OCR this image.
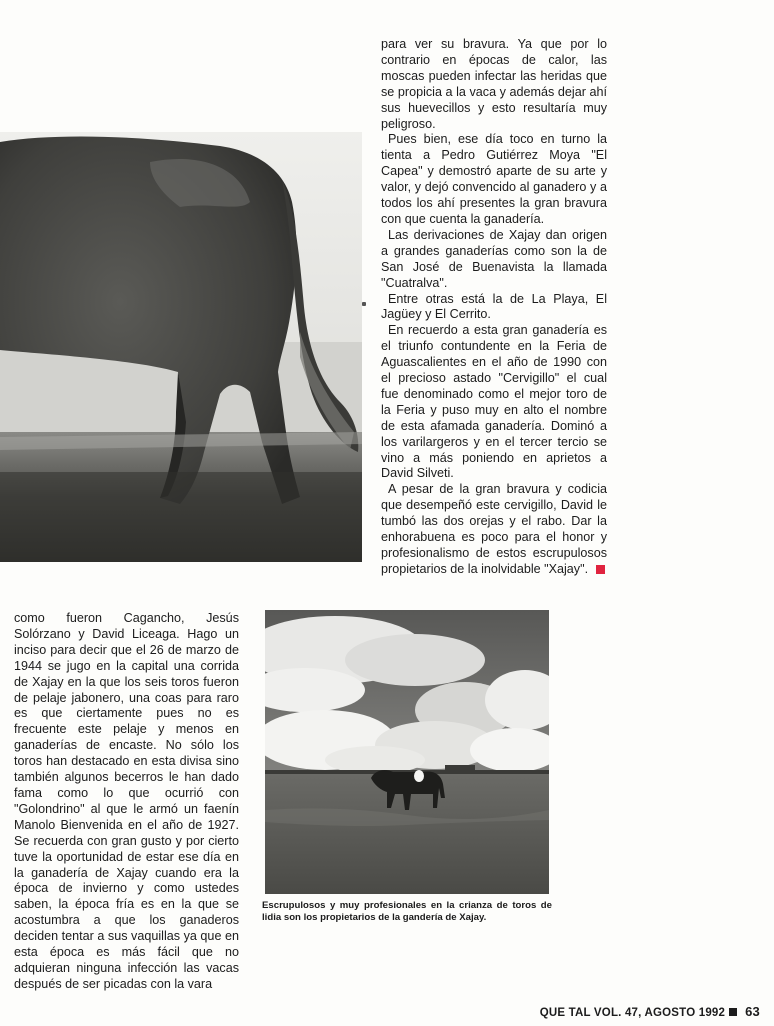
para ver su bravura. Ya que por lo contrario en épocas de calor, las moscas pueden infectar las heridas que se propicia a la vaca y además dejar ahí sus huevecillos y esto resultaría muy peligroso.

Pues bien, ese día toco en turno la tienta a Pedro Gutiérrez Moya "El Capea" y demostró aparte de su arte y valor, y dejó convencido al ganadero y a todos los ahí presentes la gran bravura con que cuenta la ganadería.

Las derivaciones de Xajay dan origen a grandes ganaderías como son la de San José de Buenavista la llamada "Cuatralva".

Entre otras está la de La Playa, El Jagüey y El Cerrito.

En recuerdo a esta gran ganadería es el triunfo contundente en la Feria de Aguascalientes en el año de 1990 con el precioso astado "Cervigillo" el cual fue denominado como el mejor toro de la Feria y puso muy en alto el nombre de esta afamada ganadería. Dominó a los varilargeros y en el tercer tercio se vino a más poniendo en aprietos a David Silveti.

A pesar de la gran bravura y codicia que desempeñó este cervigillo, David le tumbó las dos orejas y el rabo. Dar la enhorabuena es poco para el honor y profesionalismo de estos escrupulosos propietarios de la inolvidable "Xajay".

como fueron Cagancho, Jesús Solórzano y David Liceaga. Hago un inciso para decir que el 26 de marzo de 1944 se jugo en la capital una corrida de Xajay en la que los seis toros fueron de pelaje jabonero, una coas para raro es que ciertamente pues no es frecuente este pelaje y menos en ganaderías de encaste. No sólo los toros han destacado en esta divisa sino también algunos becerros le han dado fama como lo que ocurrió con "Golondrino" al que le armó un faenín Manolo Bienvenida en el año de 1927. Se recuerda con gran gusto y por cierto tuve la oportunidad de estar ese día en la ganadería de Xajay cuando era la época de invierno y como ustedes saben, la época fría es en la que se acostumbra a que los ganaderos deciden tentar a sus vaquillas ya que en esta época es más fácil que no adquieran ninguna infección las vacas después de ser picadas con la vara

Escrupulosos y muy profesionales en la crianza de toros de lidia son los propietarios de la gandería de Xajay.
QUE TAL VOL. 47, AGOSTO 1992 63
